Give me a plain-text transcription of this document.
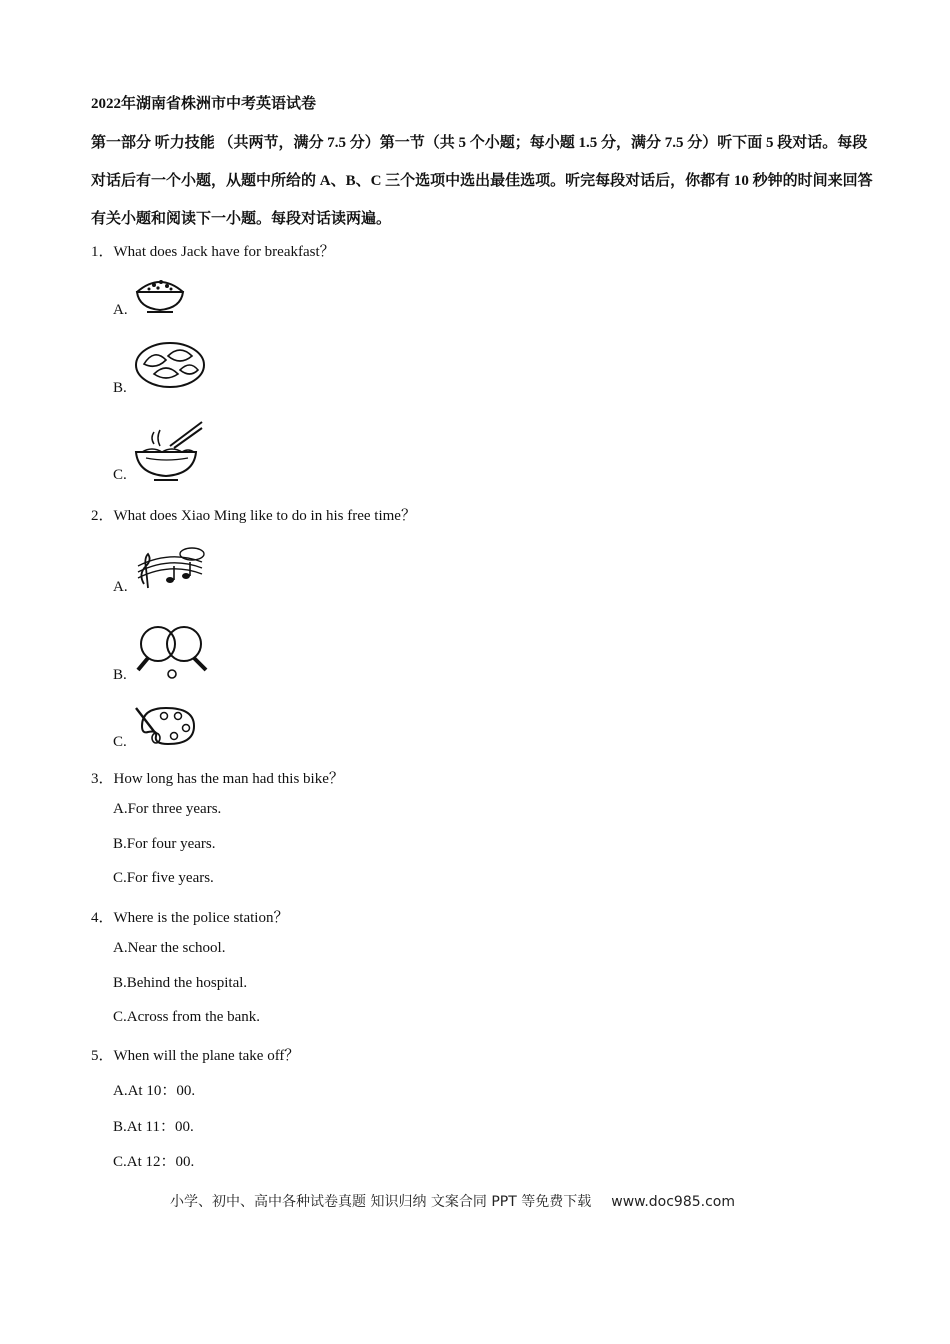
2022年湖南省株洲市中考英语试卷
第一部分 听力技能 （共两节，满分 7.5 分）第一节（共 5 个小题；每小题 1.5 分，满分 7.5 分）听下面 5 段对话。每段对话后有一个小题，从题中所给的 A、B、C 三个选项中选出最佳选项。听完每段对话后，你都有 10 秒钟的时间来回答有关小题和阅读下一小题。每段对话读两遍。
1．What does Jack have for breakfast？
A.
B.
C.
2．What does Xiao Ming like to do in his free time？
A.
B.
C.
3．How long has the man had this bike？
A.For three years.
B.For four years.
C.For five years.
4．Where is the police station？
A.Near the school.
B.Behind the hospital.
C.Across from the bank.
5．When will the plane take off？
A.At 10：00.
B.At 11：00.
C.At 12：00.
小学、初中、高中各种试卷真题 知识归纳 文案合同 PPT 等免费下载 www.doc985.com
